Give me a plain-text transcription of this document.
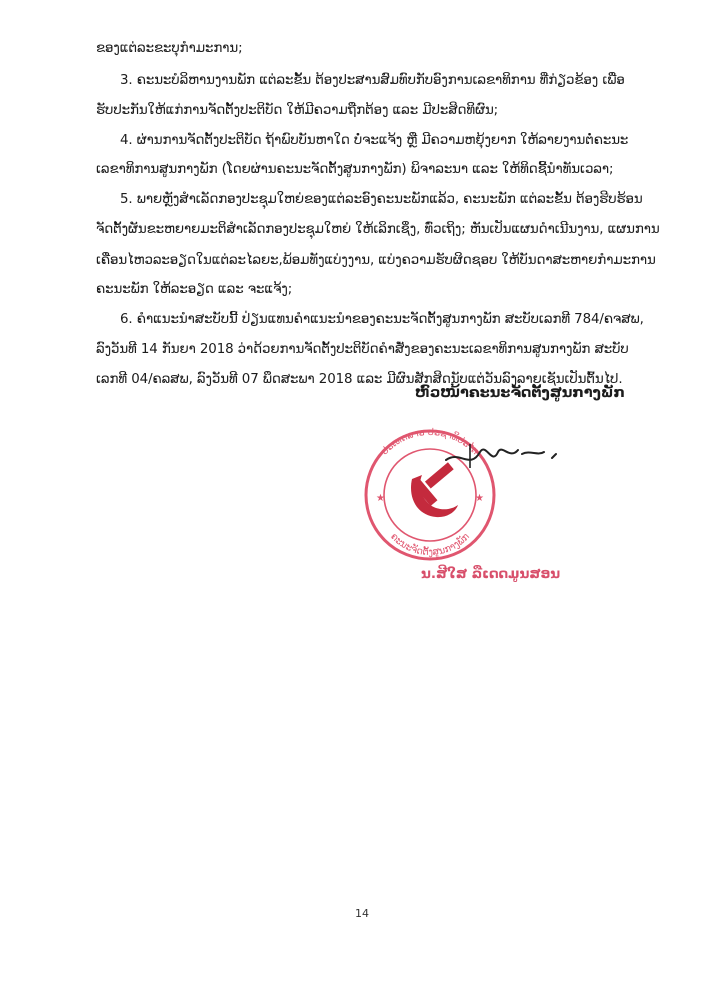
ຂອງແຕ່ລະຂະບຸກຳມະການ;
3. ຄະນະບໍລິຫານງານພັກ ແຕ່ລະຂັ້ນ ຕ້ອງປະສານສົມທົບກັບອົງການເລຂາທິການ ທີ່ກ່ຽວຂ້ອງ ເພື່ອ
ຮັບປະກັນໃຫ້ແກ່ການຈັດຕັ້ງປະຕິບັດ ໃຫ້ມີຄວາມຖືກຕ້ອງ ແລະ ມີປະສິດທິຜົນ;
4. ຜ່ານການຈັດຕັ້ງປະຕິບັດ ຖ້າພົບບັນຫາໃດ ບໍ່ຈະແຈ້ງ ຫຼື ມີຄວາມຫຍຸ້ງຍາກ ໃຫ້ລາຍງານຕໍ່ຄະນະ
ເລຂາທິການສູນກາງພັກ (ໂດຍຜ່ານຄະນະຈັດຕັ້ງສູນກາງພັກ) ພິຈາລະນາ ແລະ ໃຫ້ທິດຊີ້ນຳທັນເວລາ;
5. ພາຍຫຼັງສຳເລັດກອງປະຊຸມໃຫຍ່ຂອງແຕ່ລະອົງຄະນະພັກແລ້ວ, ຄະນະພັກ ແຕ່ລະຂັ້ນ ຕ້ອງຮີບຮ້ອນ
ຈັດຕັ້ງຜັນຂະຫຍາຍມະຕິສຳເລັດກອງປະຊຸມໃຫຍ່ ໃຫ້ເລິກເຊິ່ງ, ທົ່ວເຖິງ; ຫັນເປັນແຜນດຳເນີນງານ, ແຜນການ
ເຄື່ອນໄຫວລະອຽດໃນແຕ່ລະໄລຍະ,ພ້ອມທັງແບ່ງງານ, ແບ່ງຄວາມຮັບຜິດຊອບ ໃຫ້ບັນດາສະຫາຍກຳມະການ
ຄະນະພັກ ໃຫ້ລະອຽດ ແລະ ຈະແຈ້ງ;
6. ຄຳແນະນຳສະບັບນີ້ ປ່ຽນແທນຄຳແນະນຳຂອງຄະນະຈັດຕັ້ງສູນກາງພັກ ສະບັບເລກທີ 784/ຄຈສພ,
ລົງວັນທີ 14 ກັນຍາ 2018 ວ່າດ້ວຍການຈັດຕັ້ງປະຕິບັດຄຳສັ່ງຂອງຄະນະເລຂາທິການສູນກາງພັກ ສະບັບ
ເລກທີ 04/ຄລສພ, ລົງວັນທີ 07 ພຶດສະພາ 2018 ແລະ ມີຜົນສັກສິດນັບແຕ່ວັນລົງລາຍເຊັນເປັນຕົ້ນໄປ.
ຫົວໜ້າຄະນະຈັດຕັ້ງສູນກາງພັກ
ປະເທດລາວ ປະຊາທິປະໄຕ
ຄະນະຈັດຕັ້ງສູນກາງພັກ
★	★
ນ.ສີໃສ ລືເດດມູນສອນ
14
